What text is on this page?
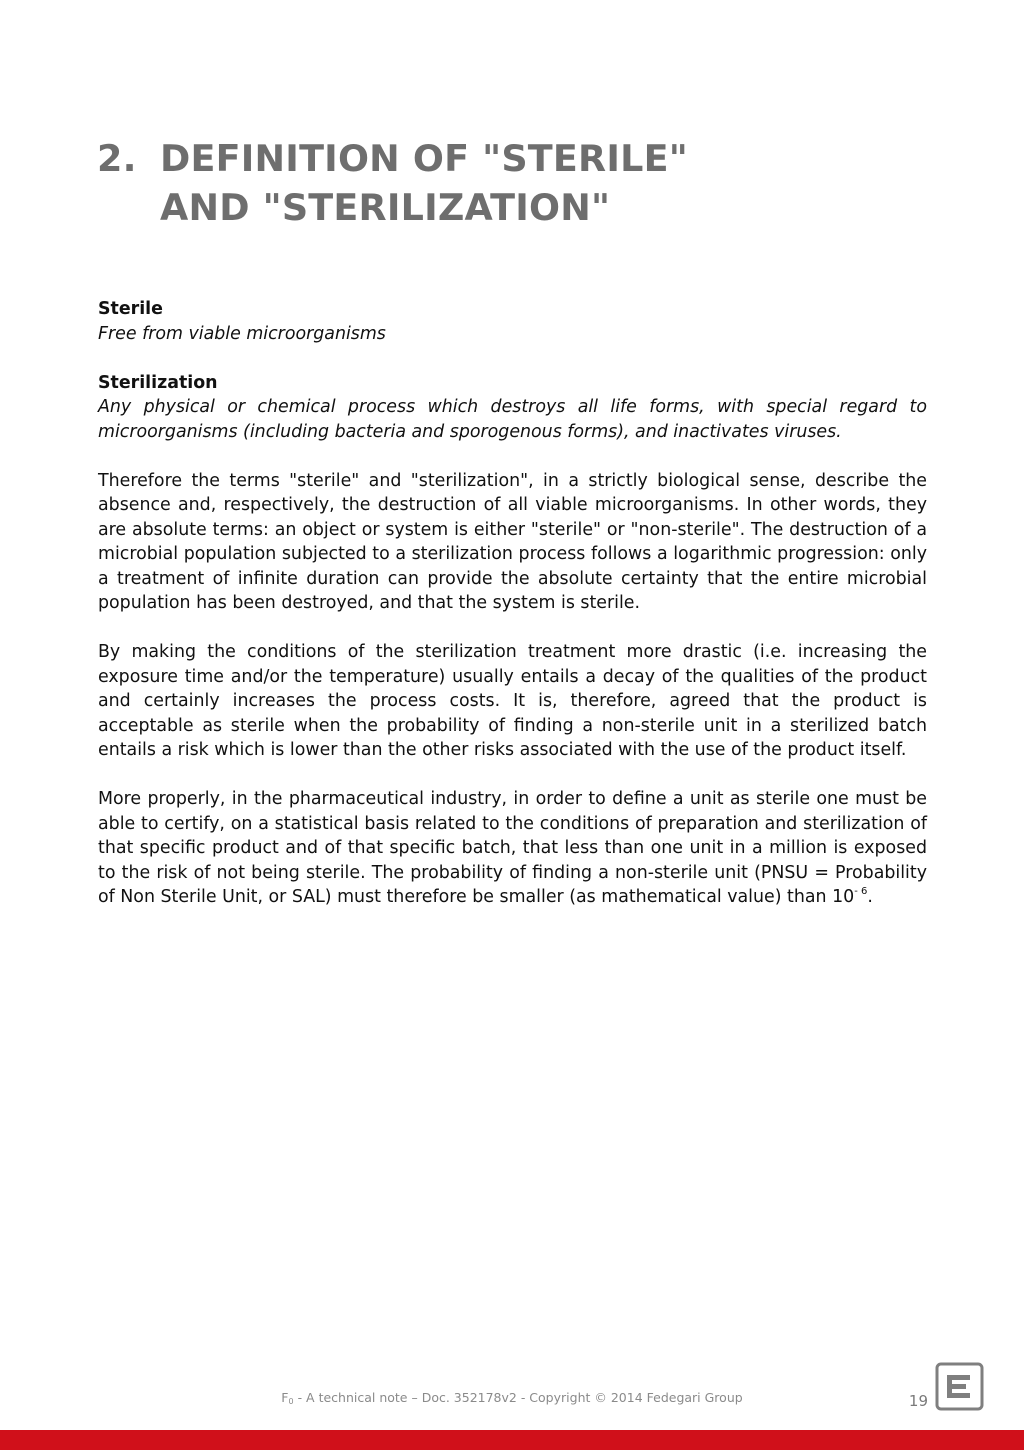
2. DEFINITION OF "STERILE"
AND "STERILIZATION"

Sterile

Free from viable microorganisms

Sterilization

Any physical or chemical process which destroys all life forms, with special regard to microorganisms (including bacteria and sporogenous forms), and inactivates viruses.

Therefore the terms "sterile" and "sterilization", in a strictly biological sense, describe the absence and, respectively, the destruction of all viable microorganisms. In other words, they are absolute terms: an object or system is either "sterile" or "non-sterile". The destruction of a microbial population subjected to a sterilization process follows a logarithmic progression: only a treatment of infinite duration can provide the absolute certainty that the entire microbial population has been destroyed, and that the system is sterile.

By making the conditions of the sterilization treatment more drastic (i.e. increasing the exposure time and/or the temperature) usually entails a decay of the qualities of the product and certainly increases the process costs. It is, therefore, agreed that the product is acceptable as sterile when the probability of finding a non-sterile unit in a sterilized batch entails a risk which is lower than the other risks associated with the use of the product itself.

More properly, in the pharmaceutical industry, in order to define a unit as sterile one must be able to certify, on a statistical basis related to the conditions of preparation and sterilization of that specific product and of that specific batch, that less than one unit in a million is exposed to the risk of not being sterile. The probability of finding a non-sterile unit (PNSU = Probability of Non Sterile Unit, or SAL) must therefore be smaller (as mathematical value) than $10^{- 6}$.

$F_0$ - A technical note – Doc. 352178v2 - Copyright © 2014 Fedegari Group	19
